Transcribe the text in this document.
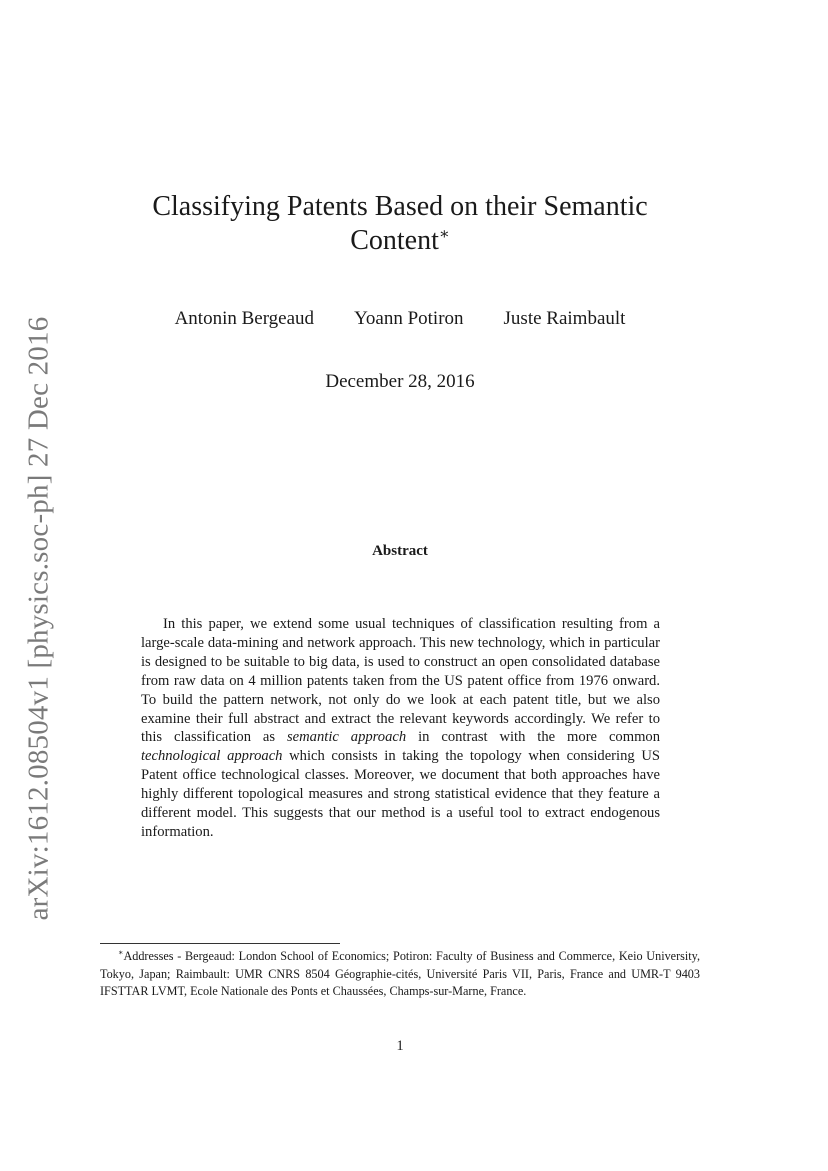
arXiv:1612.08504v1 [physics.soc-ph] 27 Dec 2016
Classifying Patents Based on their Semantic
Content∗
Antonin Bergeaud Yoann Potiron Juste Raimbault
December 28, 2016
Abstract

In this paper, we extend some usual techniques of classification resulting from a large-scale data-mining and network approach. This new technology, which in particular is designed to be suitable to big data, is used to construct an open consolidated database from raw data on 4 million patents taken from the US patent office from 1976 onward. To build the pattern network, not only do we look at each patent title, but we also examine their full abstract and extract the relevant keywords accordingly. We refer to this classification as semantic approach in contrast with the more common technological approach which consists in taking the topology when considering US Patent office technological classes. Moreover, we document that both approaches have highly different topological measures and strong statistical evidence that they feature a different model. This suggests that our method is a useful tool to extract endogenous information.

∗Addresses - Bergeaud: London School of Economics; Potiron: Faculty of Business and Commerce, Keio University, Tokyo, Japan; Raimbault: UMR CNRS 8504 Géographie-cités, Université Paris VII, Paris, France and UMR-T 9403 IFSTTAR LVMT, Ecole Nationale des Ponts et Chaussées, Champs-sur-Marne, France.

1
